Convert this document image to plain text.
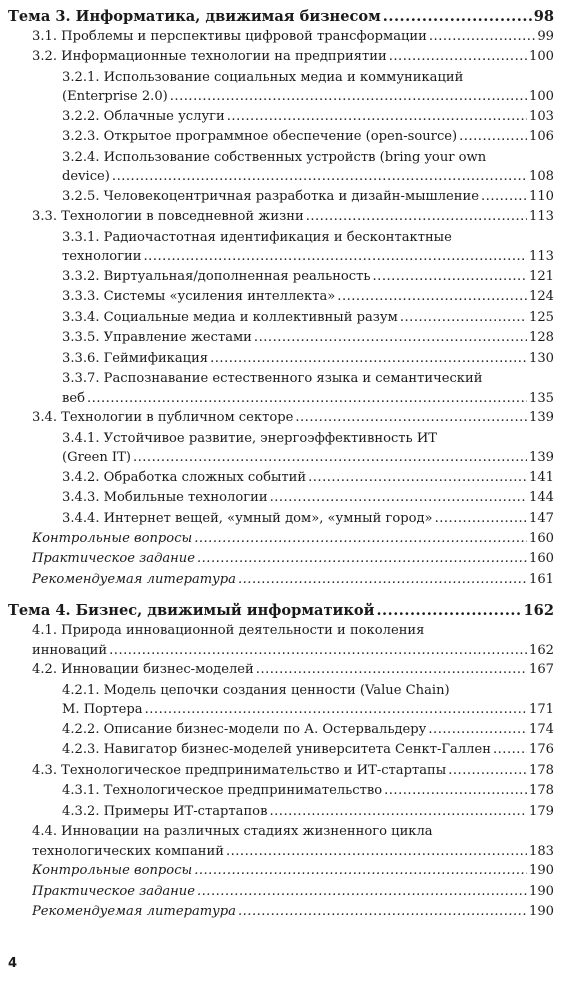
Тема 3. Информатика, движимая бизнесом .....	98
3.1. Проблемы и перспективы цифровой трансформации .....	99
3.2. Информационные технологии на предприятии .....	100
3.2.1. Использование социальных медиа и коммуникаций
(Enterprise 2.0) .....	100
3.2.2. Облачные услуги .....	103
3.2.3. Открытое программное обеспечение (open-source) .....	106
3.2.4. Использование собственных устройств (bring your own
device) .....	108
3.2.5. Человекоцентричная разработка и дизайн-мышление .....	110
3.3. Технологии в повседневной жизни .....	113
3.3.1. Радиочастотная идентификация и бесконтактные
технологии .....	113
3.3.2. Виртуальная/дополненная реальность .....	121
3.3.3. Системы «усиления интеллекта» .....	124
3.3.4. Социальные медиа и коллективный разум .....	125
3.3.5. Управление жестами .....	128
3.3.6. Геймификация .....	130
3.3.7. Распознавание естественного языка и семантический
веб .....	135
3.4. Технологии в публичном секторе .....	139
3.4.1. Устойчивое развитие, энергоэффективность ИТ
(Green IT) .....	139
3.4.2. Обработка сложных событий .....	141
3.4.3. Мобильные технологии .....	144
3.4.4. Интернет вещей, «умный дом», «умный город» .....	147
Контрольные вопросы .....	160
Практическое задание .....	160
Рекомендуемая литература .....	161
Тема 4. Бизнес, движимый информатикой .....	162
4.1. Природа инновационной деятельности и поколения
инноваций .....	162
4.2. Инновации бизнес-моделей .....	167
4.2.1. Модель цепочки создания ценности (Value Chain)
М. Портера .....	171
4.2.2. Описание бизнес-модели по А. Остервальдеру .....	174
4.2.3. Навигатор бизнес-моделей университета Сенкт-Галлен .....	176
4.3. Технологическое предпринимательство и ИТ-стартапы .....	178
4.3.1. Технологическое предпринимательство .....	178
4.3.2. Примеры ИТ-стартапов .....	179
4.4. Инновации на различных стадиях жизненного цикла
технологических компаний .....	183
Контрольные вопросы .....	190
Практическое задание .....	190
Рекомендуемая литература .....	190
4
